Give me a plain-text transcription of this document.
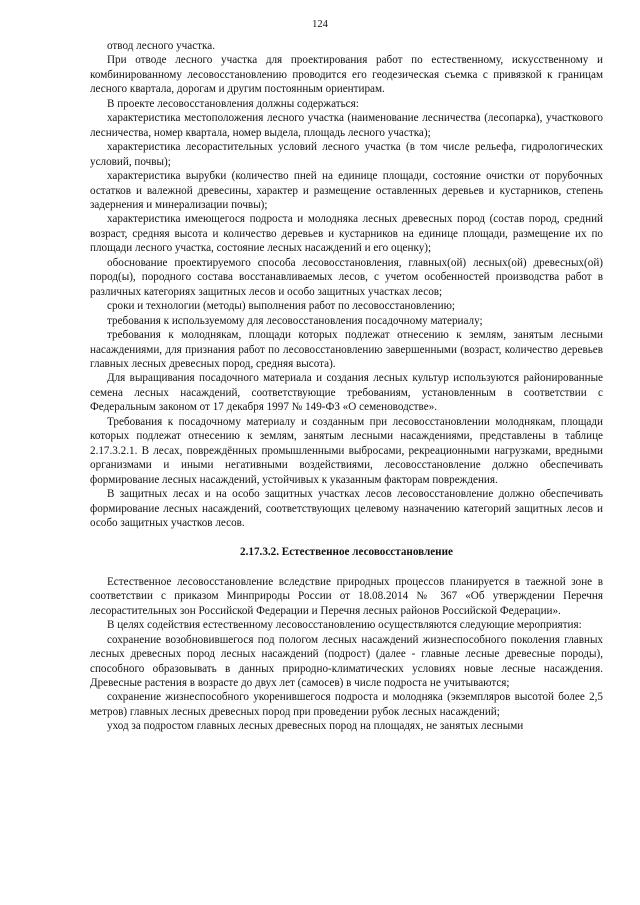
124

отвод лесного участка.

При отводе лесного участка для проектирования работ по естественному, искусственному и комбинированному лесовосстановлению проводится его геодезическая съемка с привязкой к границам лесного квартала, дорогам и другим постоянным ориентирам.

В проекте лесовосстановления должны содержаться:

характеристика местоположения лесного участка (наименование лесничества (лесопарка), участкового лесничества, номер квартала, номер выдела, площадь лесного участка);

характеристика лесорастительных условий лесного участка (в том числе рельефа, гидрологических условий, почвы);

характеристика вырубки (количество пней на единице площади, состояние очистки от порубочных остатков и валежной древесины, характер и размещение оставленных деревьев и кустарников, степень задернения и минерализации почвы);

характеристика имеющегося подроста и молодняка лесных древесных пород (состав пород, средний возраст, средняя высота и количество деревьев и кустарников на единице площади, размещение их по площади лесного участка, состояние лесных насаждений и его оценку);

обоснование проектируемого способа лесовосстановления, главных(ой) лесных(ой) древесных(ой) пород(ы), породного состава восстанавливаемых лесов, с учетом особенностей производства работ в различных категориях защитных лесов и особо защитных участках лесов;

сроки и технологии (методы) выполнения работ по лесовосстановлению;

требования к используемому для лесовосстановления посадочному материалу;

требования к молоднякам, площади которых подлежат отнесению к землям, занятым лесными насаждениями, для признания работ по лесовосстановлению завершенными (возраст, количество деревьев главных лесных древесных пород, средняя высота).

Для выращивания посадочного материала и создания лесных культур используются районированные семена лесных насаждений, соответствующие требованиям, установленным в соответствии с Федеральным законом от 17 декабря 1997 № 149-ФЗ «О семеноводстве».

Требования к посадочному материалу и созданным при лесовосстановлении молоднякам, площади которых подлежат отнесению к землям, занятым лесными насаждениями, представлены в таблице 2.17.3.2.1. В лесах, повреждённых промышленными выбросами, рекреационными нагрузками, вредными организмами и иными негативными воздействиями, лесовосстановление должно обеспечивать формирование лесных насаждений, устойчивых к указанным факторам повреждения.

В защитных лесах и на особо защитных участках лесов лесовосстановление должно обеспечивать формирование лесных насаждений, соответствующих целевому назначению категорий защитных лесов и особо защитных участков лесов.

2.17.3.2. Естественное лесовосстановление

Естественное лесовосстановление вследствие природных процессов планируется в таежной зоне в соответствии с приказом Минприроды России от 18.08.2014 № 367 «Об утверждении Перечня лесорастительных зон Российской Федерации и Перечня лесных районов Российской Федерации».

В целях содействия естественному лесовосстановлению осуществляются следующие мероприятия:

сохранение возобновившегося под пологом лесных насаждений жизнеспособного поколения главных лесных древесных пород лесных насаждений (подрост) (далее - главные лесные древесные породы), способного образовывать в данных природно-климатических условиях новые лесные насаждения. Древесные растения в возрасте до двух лет (самосев) в числе подроста не учитываются;

сохранение жизнеспособного укоренившегося подроста и молодняка (экземпляров высотой более 2,5 метров) главных лесных древесных пород при проведении рубок лесных насаждений;

уход за подростом главных лесных древесных пород на площадях, не занятых лесными
